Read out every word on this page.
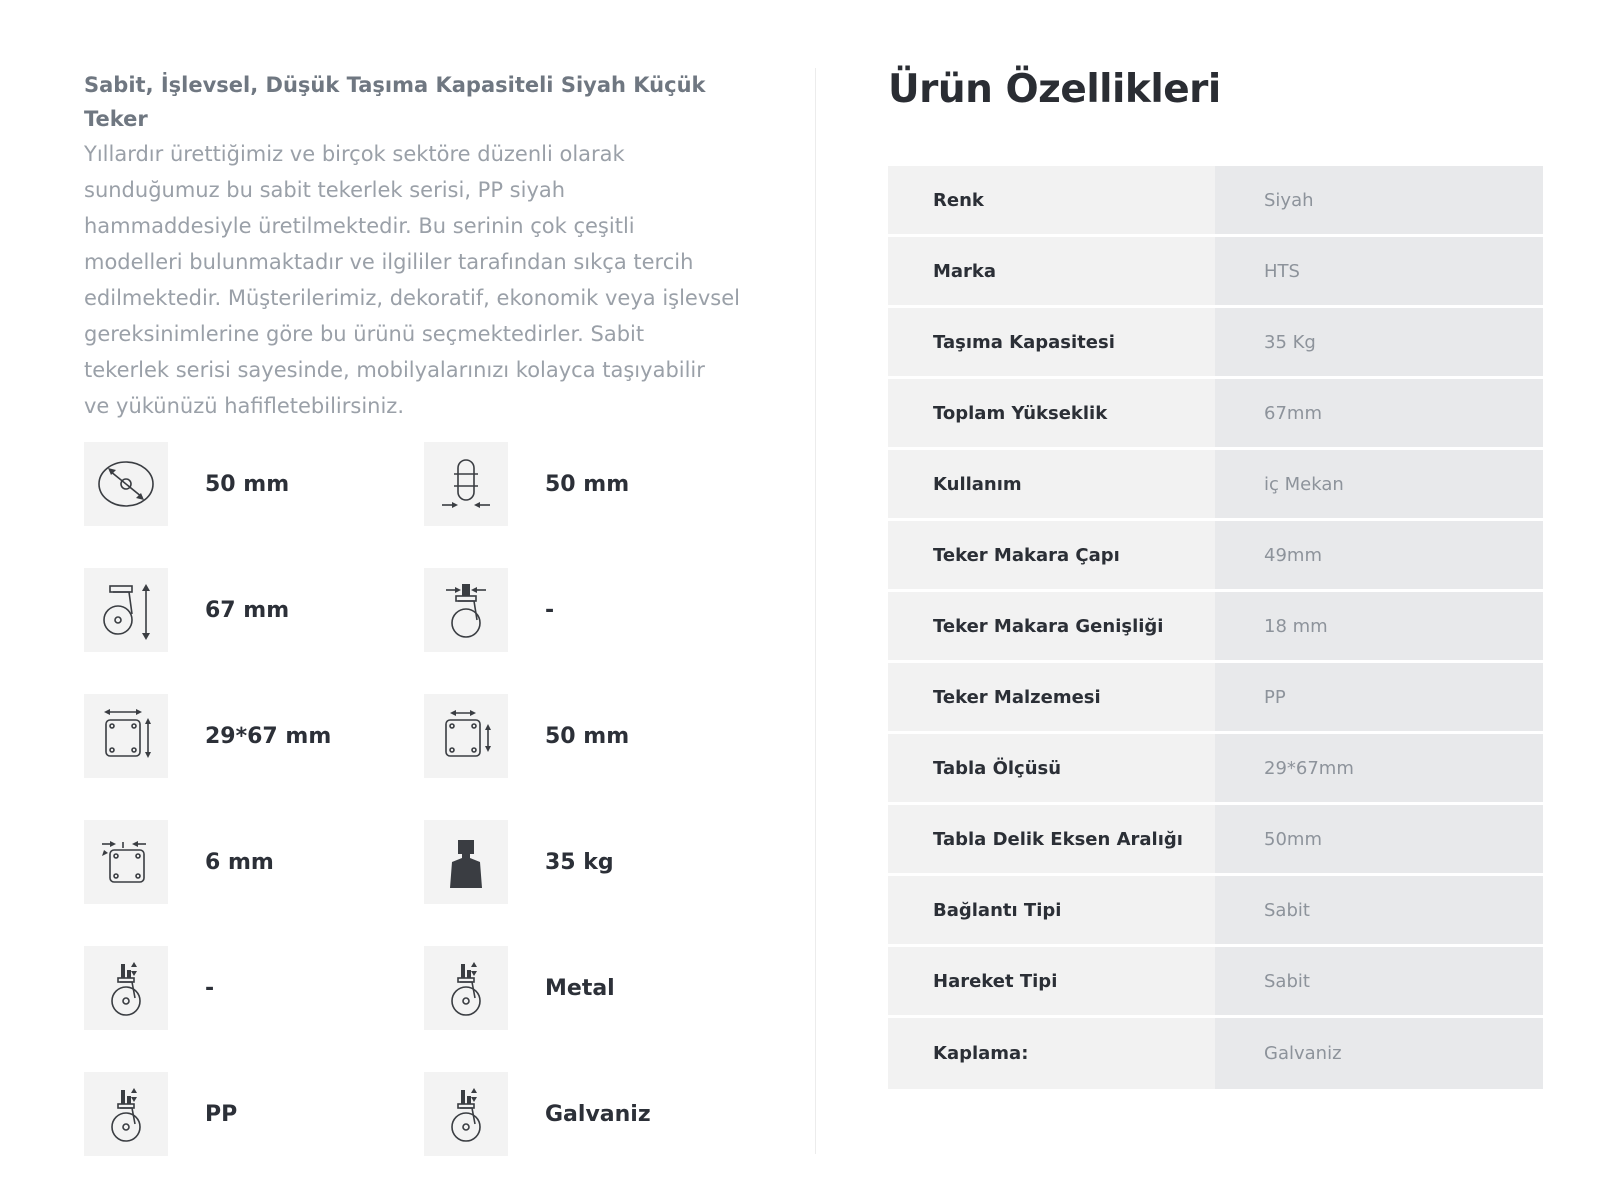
Sabit, İşlevsel, Düşük Taşıma Kapasiteli Siyah Küçük Teker

Yıllardır ürettiğimiz ve birçok sektöre düzenli olarak
sunduğumuz bu sabit tekerlek serisi, PP siyah
hammaddesiyle üretilmektedir. Bu serinin çok çeşitli
modelleri bulunmaktadır ve ilgililer tarafından sıkça tercih
edilmektedir. Müşterilerimiz, dekoratif, ekonomik veya işlevsel
gereksinimlerine göre bu ürünü seçmektedirler. Sabit
tekerlek serisi sayesinde, mobilyalarınızı kolayca taşıyabilir
ve yükünüzü hafifletebilirsiniz.

50 mm	50 mm
67 mm	-
29*67 mm	50 mm
6 mm	35 kg
-	Metal
PP	Galvaniz
Ürün Özellikleri
Renk	Siyah
Marka	HTS
Taşıma Kapasitesi	35 Kg
Toplam Yükseklik	67mm
Kullanım	iç Mekan
Teker Makara Çapı	49mm
Teker Makara Genişliği	18 mm
Teker Malzemesi	PP
Tabla Ölçüsü	29*67mm
Tabla Delik Eksen Aralığı	50mm
Bağlantı Tipi	Sabit
Hareket Tipi	Sabit
Kaplama:	Galvaniz
